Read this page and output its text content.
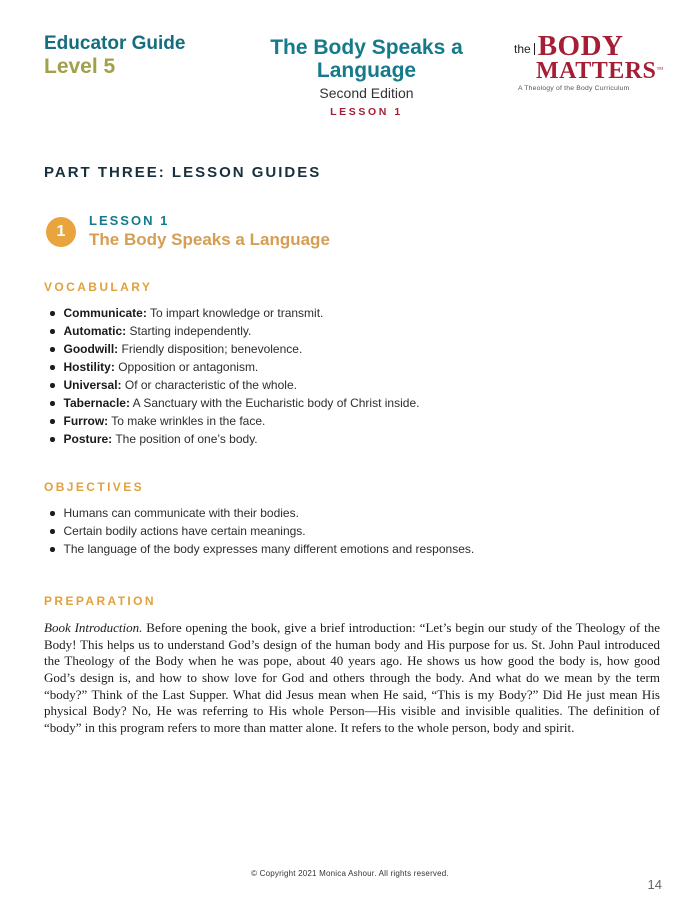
Educator Guide
Level 5
The Body Speaks a Language
Second Edition
LESSON 1
the BODY
MATTERS™
A Theology of the Body Curriculum
PART THREE: LESSON GUIDES
1
LESSON 1
The Body Speaks a Language
VOCABULARY
Communicate: To impart knowledge or transmit.
Automatic: Starting independently.
Goodwill: Friendly disposition; benevolence.
Hostility: Opposition or antagonism.
Universal: Of or characteristic of the whole.
Tabernacle: A Sanctuary with the Eucharistic body of Christ inside.
Furrow: To make wrinkles in the face.
Posture: The position of one’s body.
OBJECTIVES
Humans can communicate with their bodies.
Certain bodily actions have certain meanings.
The language of the body expresses many different emotions and responses.
PREPARATION

Book Introduction. Before opening the book, give a brief introduction: “Let’s begin our study of the Theology of the Body! This helps us to understand God’s design of the human body and His purpose for us. St. John Paul introduced the Theology of the Body when he was pope, about 40 years ago. He shows us how good the body is, how good God’s design is, and how to show love for God and others through the body. And what do we mean by the term “body?” Think of the Last Supper. What did Jesus mean when He said, “This is my Body?” Did He just mean His physical Body? No, He was referring to His whole Person—His visible and invisible qualities. The definition of “body” in this program refers to more than matter alone. It refers to the whole person, body and spirit.

© Copyright 2021 Monica Ashour. All rights reserved.
14
